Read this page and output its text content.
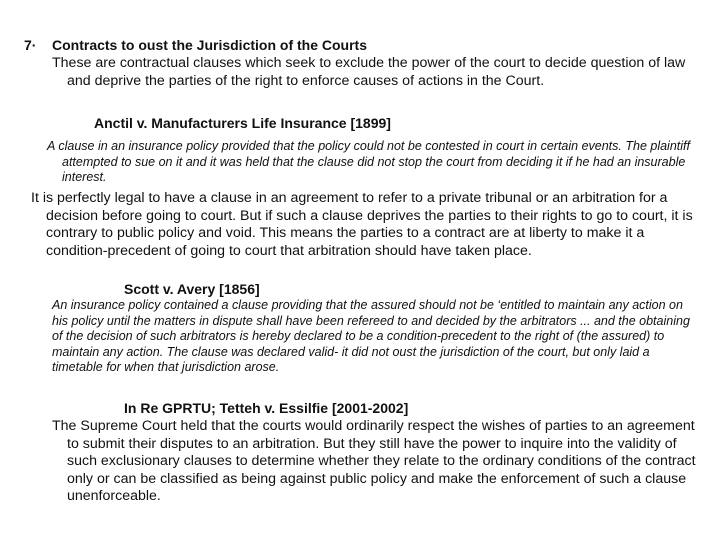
7· Contracts to oust the Jurisdiction of the Courts

These are contractual clauses which seek to exclude the power of the court to decide question of law and deprive the parties of the right to enforce causes of actions in the Court.

Anctil v. Manufacturers Life Insurance [1899]

A clause in an insurance policy provided that the policy could not be contested in court in certain events. The plaintiff attempted to sue on it and it was held that the clause did not stop the court from deciding it if he had an insurable interest.

It is perfectly legal to have a clause in an agreement to refer to a private tribunal or an arbitration for a decision before going to court. But if such a clause deprives the parties to their rights to go to court, it is contrary to public policy and void. This means the parties to a contract are at liberty to make it a condition-precedent of going to court that arbitration should have taken place.

Scott v. Avery [1856]

An insurance policy contained a clause providing that the assured should not be ‘entitled to maintain any action on his policy until the matters in dispute shall have been refereed to and decided by the arbitrators ... and the obtaining of the decision of such arbitrators is hereby declared to be a condition-precedent to the right of (the assured) to maintain any action. The clause was declared valid- it did not oust the jurisdiction of the court, but only laid a timetable for when that jurisdiction arose.

In Re GPRTU; Tetteh v. Essilfie [2001-2002]

The Supreme Court held that the courts would ordinarily respect the wishes of parties to an agreement to submit their disputes to an arbitration. But they still have the power to inquire into the validity of such exclusionary clauses to determine whether they relate to the ordinary conditions of the contract only or can be classified as being against public policy and make the enforcement of such a clause unenforceable.
